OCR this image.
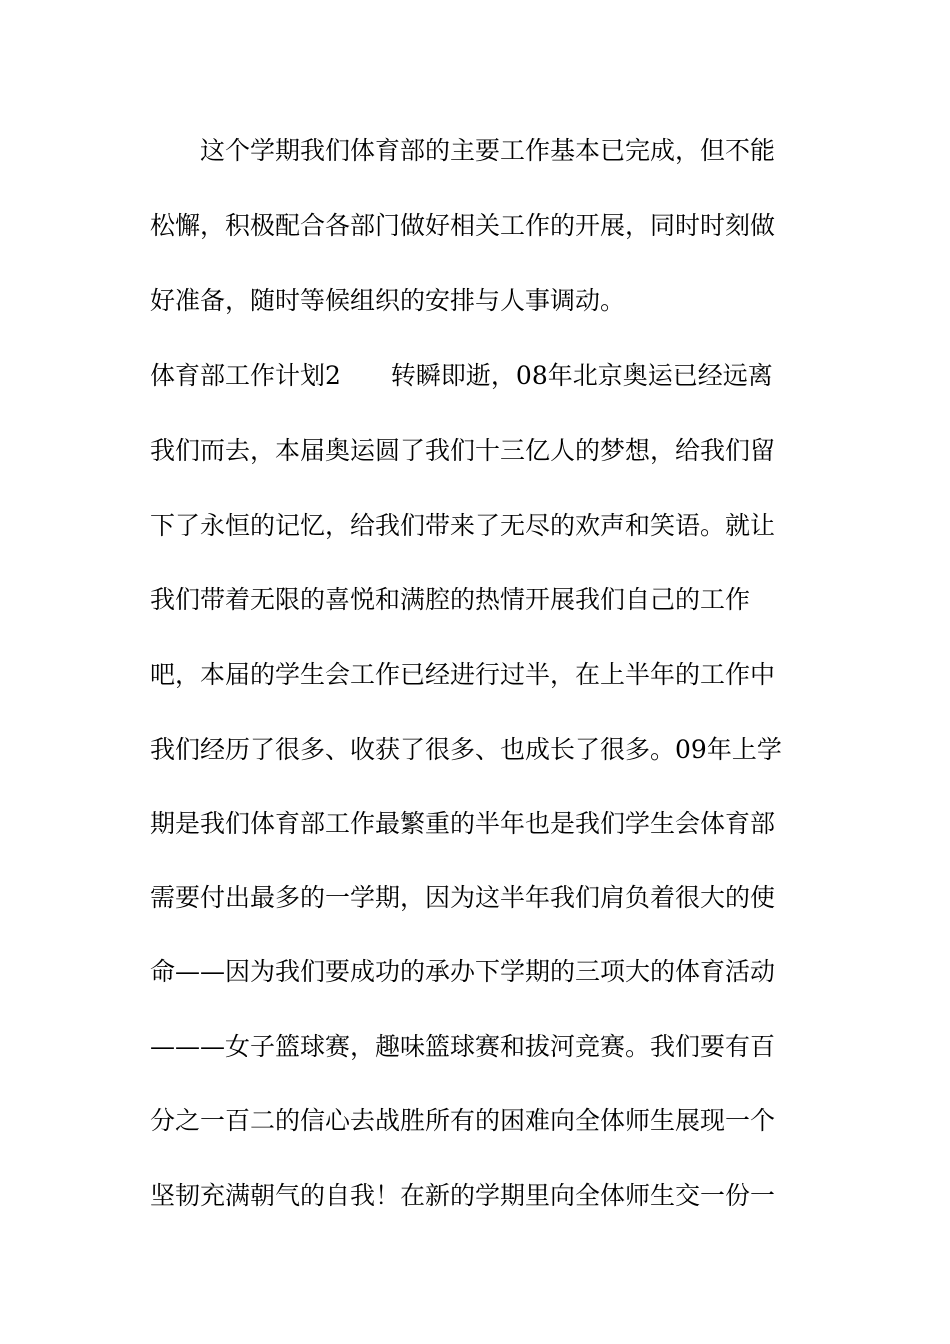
这个学期我们体育部的主要工作基本已完成，但不能
松懈，积极配合各部门做好相关工作的开展，同时时刻做
好准备，随时等候组织的安排与人事调动。
体育部工作计划2　　转瞬即逝，08年北京奥运已经远离
我们而去，本届奥运圆了我们十三亿人的梦想，给我们留
下了永恒的记忆，给我们带来了无尽的欢声和笑语。就让
我们带着无限的喜悦和满腔的热情开展我们自己的工作
吧，本届的学生会工作已经进行过半，在上半年的工作中
我们经历了很多、收获了很多、也成长了很多。09年上学
期是我们体育部工作最繁重的半年也是我们学生会体育部
需要付出最多的一学期，因为这半年我们肩负着很大的使
命——因为我们要成功的承办下学期的三项大的体育活动
———女子篮球赛，趣味篮球赛和拔河竞赛。我们要有百
分之一百二的信心去战胜所有的困难向全体师生展现一个
坚韧充满朝气的自我！在新的学期里向全体师生交一份一
